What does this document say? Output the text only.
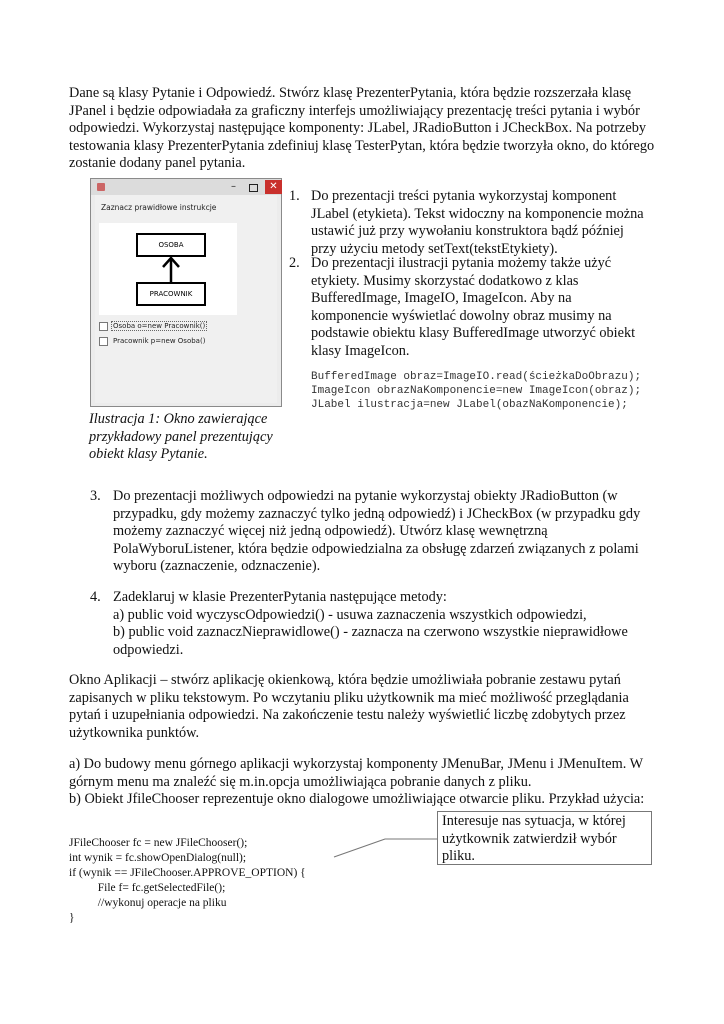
Dane są klasy Pytanie i Odpowiedź. Stwórz klasę PrezenterPytania, która będzie rozszerzała klasę JPanel i będzie odpowiadała za graficzny interfejs umożliwiający prezentację treści pytania i wybór odpowiedzi. Wykorzystaj następujące komponenty: JLabel, JRadioButton i JCheckBox. Na potrzeby testowania klasy PrezenterPytania zdefiniuj klasę TesterPytan, która będzie tworzyła okno, do którego zostanie dodany panel pytania.
–	✕
Zaznacz prawidłowe instrukcje
OSOBA
PRACOWNIK
Osoba o=new Pracownik()
Pracownik p=new Osoba()
Ilustracja 1: Okno zawierające przykładowy panel prezentujący obiekt klasy Pytanie.
1. Do prezentacji treści pytania wykorzystaj komponent JLabel (etykieta). Tekst widoczny na komponencie można ustawić już przy wywołaniu konstruktora bądź później przy użyciu metody setText(tekstEtykiety).
2. Do prezentacji ilustracji pytania możemy także użyć etykiety. Musimy skorzystać dodatkowo z klas BufferedImage, ImageIO, ImageIcon. Aby na komponencie wyświetlać dowolny obraz musimy na podstawie obiektu klasy BufferedImage utworzyć obiekt klasy ImageIcon.
BufferedImage obraz=ImageIO.read(ścieżkaDoObrazu);
ImageIcon obrazNaKomponencie=new ImageIcon(obraz);
JLabel ilustracja=new JLabel(obazNaKomponencie);
3. Do prezentacji możliwych odpowiedzi na pytanie wykorzystaj obiekty JRadioButton (w przypadku, gdy możemy zaznaczyć tylko jedną odpowiedź) i JCheckBox (w przypadku gdy możemy zaznaczyć więcej niż jedną odpowiedź). Utwórz klasę wewnętrzną PolaWyboruListener, która będzie odpowiedzialna za obsługę zdarzeń związanych z polami wyboru (zaznaczenie, odznaczenie).
4. Zadeklaruj w klasie PrezenterPytania następujące metody:
a) public void wyczyscOdpowiedzi() - usuwa zaznaczenia wszystkich odpowiedzi,
b) public void zaznaczNieprawidlowe() - zaznacza na czerwono wszystkie nieprawidłowe odpowiedzi.
Okno Aplikacji – stwórz aplikację okienkową, która będzie umożliwiała pobranie zestawu pytań zapisanych w pliku tekstowym. Po wczytaniu pliku użytkownik ma mieć możliwość przeglądania pytań i uzupełniania odpowiedzi. Na zakończenie testu należy wyświetlić liczbę zdobytych przez użytkownika punktów.
a) Do budowy menu górnego aplikacji wykorzystaj komponenty JMenuBar, JMenu i JMenuItem. W górnym menu ma znaleźć się m.in.opcja umożliwiająca pobranie danych z pliku.
b) Obiekt JfileChooser reprezentuje okno dialogowe umożliwiające otwarcie pliku. Przykład użycia:
JFileChooser fc = new JFileChooser();
int wynik = fc.showOpenDialog(null);
if (wynik == JFileChooser.APPROVE_OPTION) {
File f= fc.getSelectedFile();
//wykonuj operacje na pliku
}
Interesuje nas sytuacja, w której użytkownik zatwierdził wybór pliku.
